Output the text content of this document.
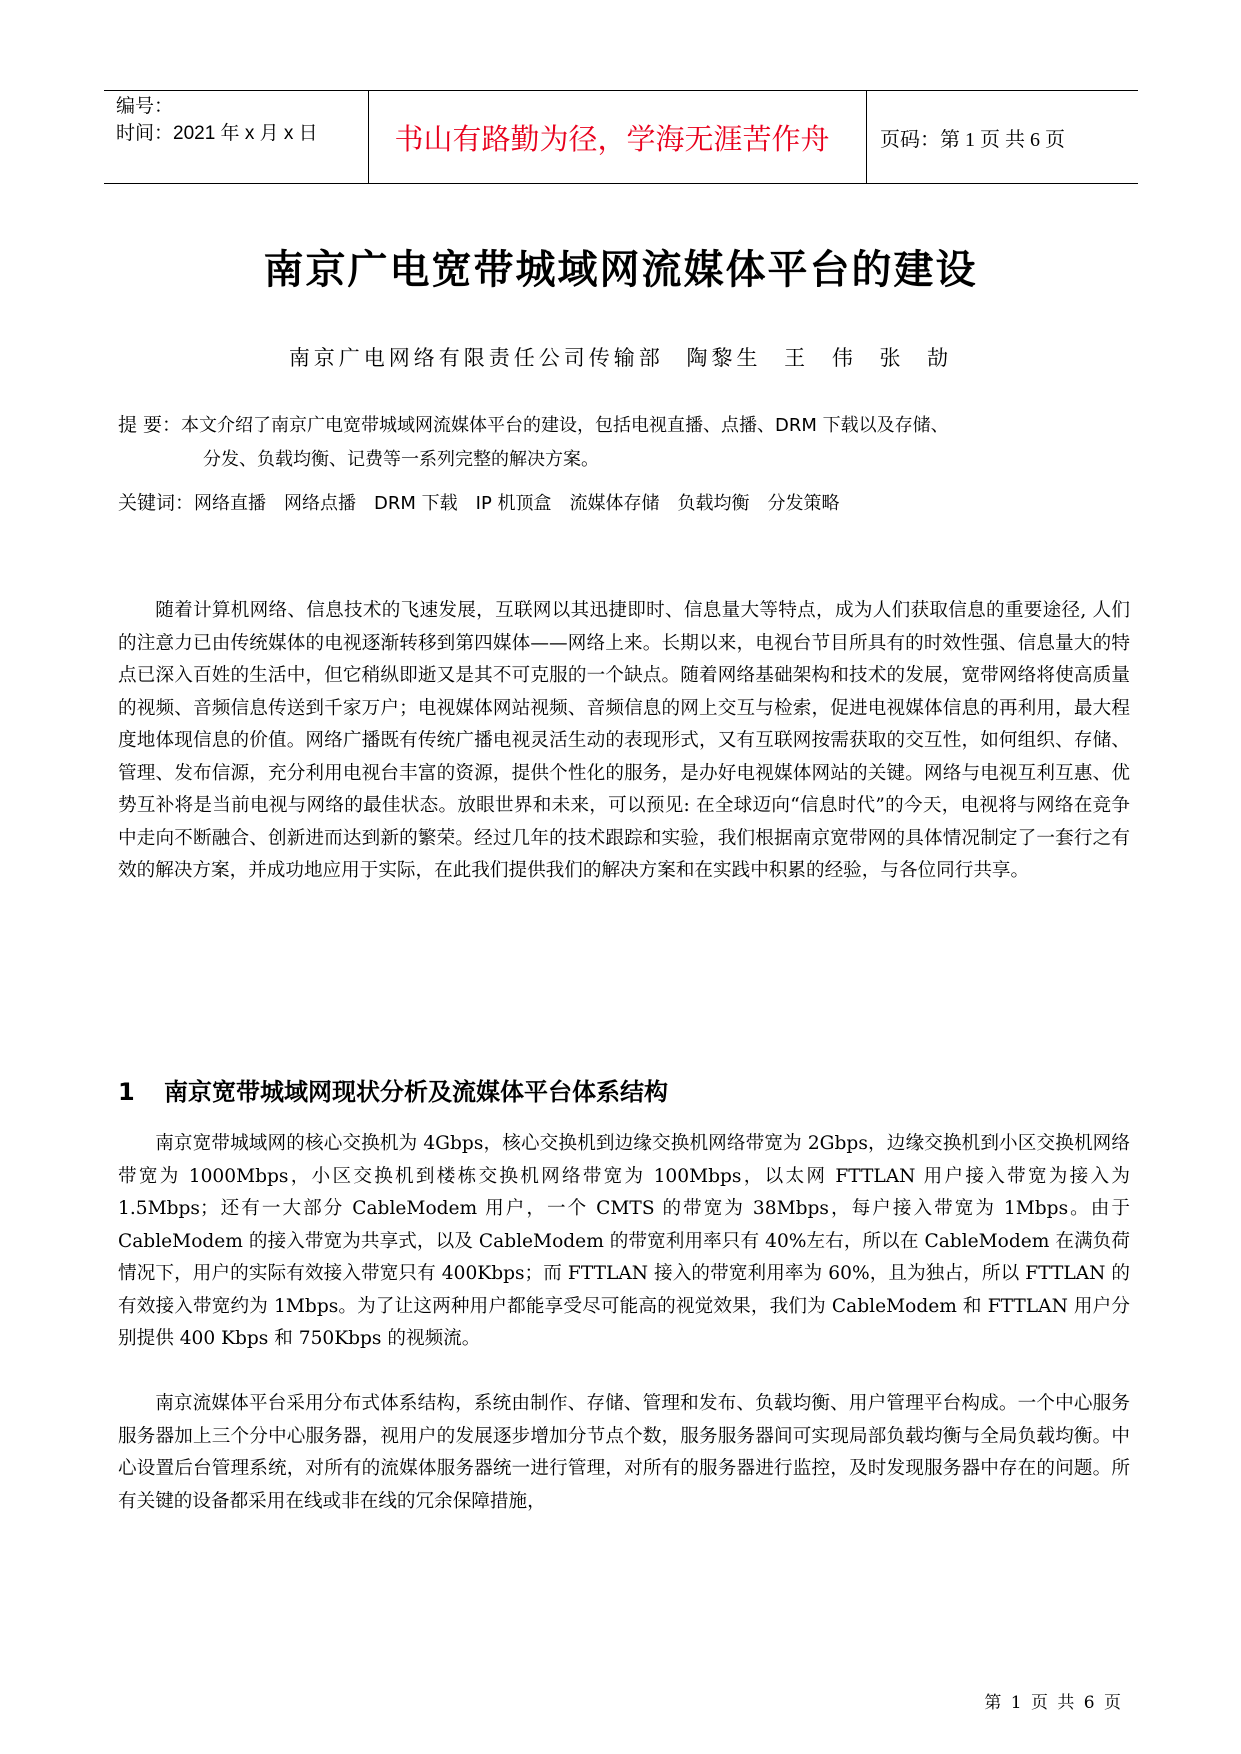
编号：
时间：2021 年 x 月 x 日	书山有路勤为径，学海无涯苦作舟	页码：第 1 页 共 6 页
南京广电宽带城域网流媒体平台的建设
南京广电网络有限责任公司传输部 陶黎生 王 伟 张 劼
提 要：本文介绍了南京广电宽带城域网流媒体平台的建设，包括电视直播、点播、DRM 下载以及存储、
分发、负载均衡、记费等一系列完整的解决方案。
关键词：网络直播 网络点播 DRM 下载 IP 机顶盒 流媒体存储 负载均衡 分发策略

随着计算机网络、信息技术的飞速发展，互联网以其迅捷即时、信息量大等特点，成为人们获取信息的重要途径, 人们的注意力已由传统媒体的电视逐渐转移到第四媒体——网络上来。长期以来，电视台节目所具有的时效性强、信息量大的特点已深入百姓的生活中，但它稍纵即逝又是其不可克服的一个缺点。随着网络基础架构和技术的发展，宽带网络将使高质量的视频、音频信息传送到千家万户；电视媒体网站视频、音频信息的网上交互与检索，促进电视媒体信息的再利用，最大程度地体现信息的价值。网络广播既有传统广播电视灵活生动的表现形式，又有互联网按需获取的交互性，如何组织、存储、管理、发布信源，充分利用电视台丰富的资源，提供个性化的服务，是办好电视媒体网站的关键。网络与电视互利互惠、优势互补将是当前电视与网络的最佳状态。放眼世界和未来，可以预见: 在全球迈向“信息时代”的今天，电视将与网络在竞争中走向不断融合、创新进而达到新的繁荣。经过几年的技术跟踪和实验，我们根据南京宽带网的具体情况制定了一套行之有效的解决方案，并成功地应用于实际，在此我们提供我们的解决方案和在实践中积累的经验，与各位同行共享。

1 南京宽带城域网现状分析及流媒体平台体系结构

南京宽带城域网的核心交换机为 4Gbps，核心交换机到边缘交换机网络带宽为 2Gbps，边缘交换机到小区交换机网络带宽为 1000Mbps，小区交换机到楼栋交换机网络带宽为 100Mbps，以太网 FTTLAN 用户接入带宽为接入为 1.5Mbps；还有一大部分 CableModem 用户，一个 CMTS 的带宽为 38Mbps，每户接入带宽为 1Mbps。由于 CableModem 的接入带宽为共享式，以及 CableModem 的带宽利用率只有 40%左右，所以在 CableModem 在满负荷情况下，用户的实际有效接入带宽只有 400Kbps；而 FTTLAN 接入的带宽利用率为 60%，且为独占，所以 FTTLAN 的有效接入带宽约为 1Mbps。为了让这两种用户都能享受尽可能高的视觉效果，我们为 CableModem 和 FTTLAN 用户分别提供 400 Kbps 和 750Kbps 的视频流。

南京流媒体平台采用分布式体系结构，系统由制作、存储、管理和发布、负载均衡、用户管理平台构成。一个中心服务服务器加上三个分中心服务器，视用户的发展逐步增加分节点个数，服务服务器间可实现局部负载均衡与全局负载均衡。中心设置后台管理系统，对所有的流媒体服务器统一进行管理，对所有的服务器进行监控，及时发现服务器中存在的问题。所有关键的设备都采用在线或非在线的冗余保障措施，

第 1 页 共 6 页
